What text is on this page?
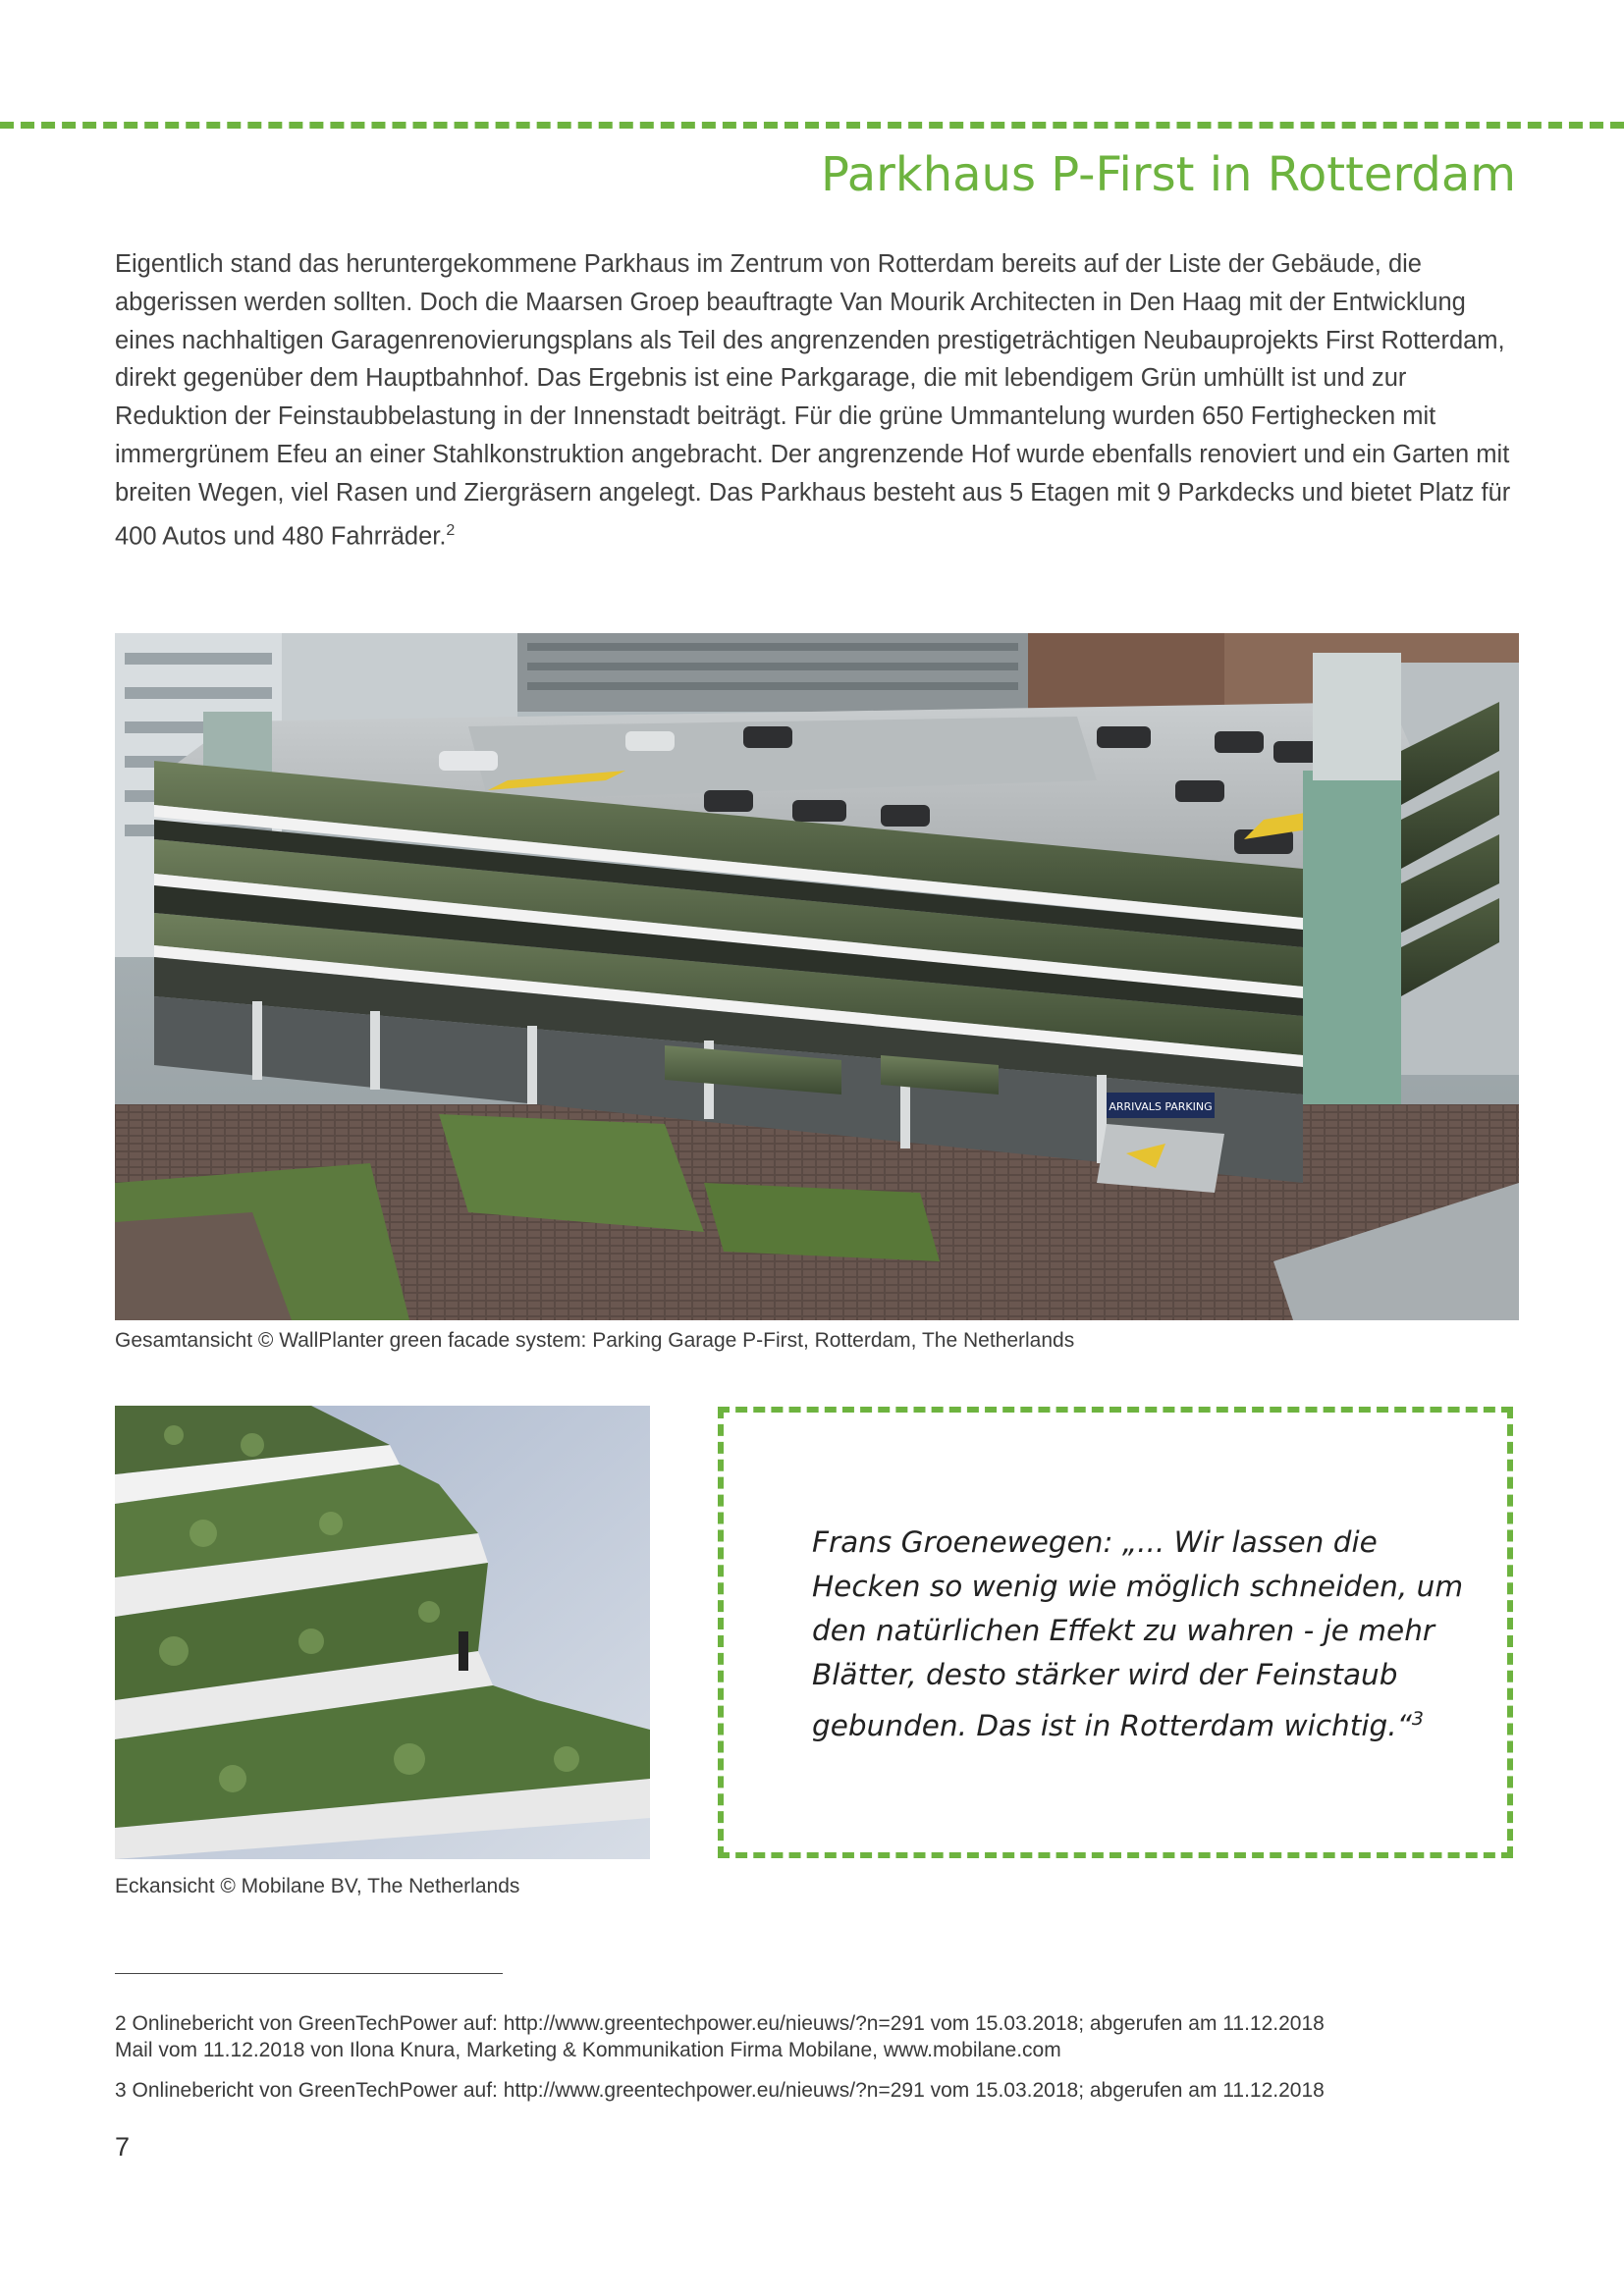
Parkhaus P-First in Rotterdam

Eigentlich stand das heruntergekommene Parkhaus im Zentrum von Rotterdam bereits auf der Liste der Gebäude, die abgerissen werden sollten. Doch die Maarsen Groep beauftragte Van Mourik Architecten in Den Haag mit der Entwicklung eines nachhaltigen Garagenrenovierungsplans als Teil des angrenzenden prestigeträchtigen Neubauprojekts First Rotterdam, direkt gegenüber dem Hauptbahnhof. Das Ergebnis ist eine Parkgarage, die mit lebendigem Grün umhüllt ist und zur Reduktion der Feinstaubbelastung in der Innenstadt beiträgt. Für die grüne Ummantelung wurden 650 Fertighecken mit immergrünem Efeu an einer Stahlkonstruktion angebracht. Der angrenzende Hof wurde ebenfalls renoviert und ein Garten mit breiten Wegen, viel Rasen und Ziergräsern angelegt. Das Parkhaus besteht aus 5 Etagen mit 9 Parkdecks und bietet Platz für 400 Autos und 480 Fahrräder.$^2$

ARRIVALS PARKING

Gesamtansicht © WallPlanter green facade system: Parking Garage P-First, Rotterdam, The Netherlands

Eckansicht © Mobilane BV, The Netherlands

Frans Groenewegen: „... Wir lassen die Hecken so wenig wie möglich schneiden, um den natürlichen Effekt zu wahren - je mehr Blätter, desto stärker wird der Feinstaub gebunden. Das ist in Rotterdam wichtig.“$^3$

2 Onlinebericht von GreenTechPower auf: http://www.greentechpower.eu/nieuws/?n=291 vom 15.03.2018; abgerufen am 11.12.2018

Mail vom 11.12.2018 von Ilona Knura, Marketing & Kommunikation Firma Mobilane, www.mobilane.com

3 Onlinebericht von GreenTechPower auf: http://www.greentechpower.eu/nieuws/?n=291 vom 15.03.2018; abgerufen am 11.12.2018

7
